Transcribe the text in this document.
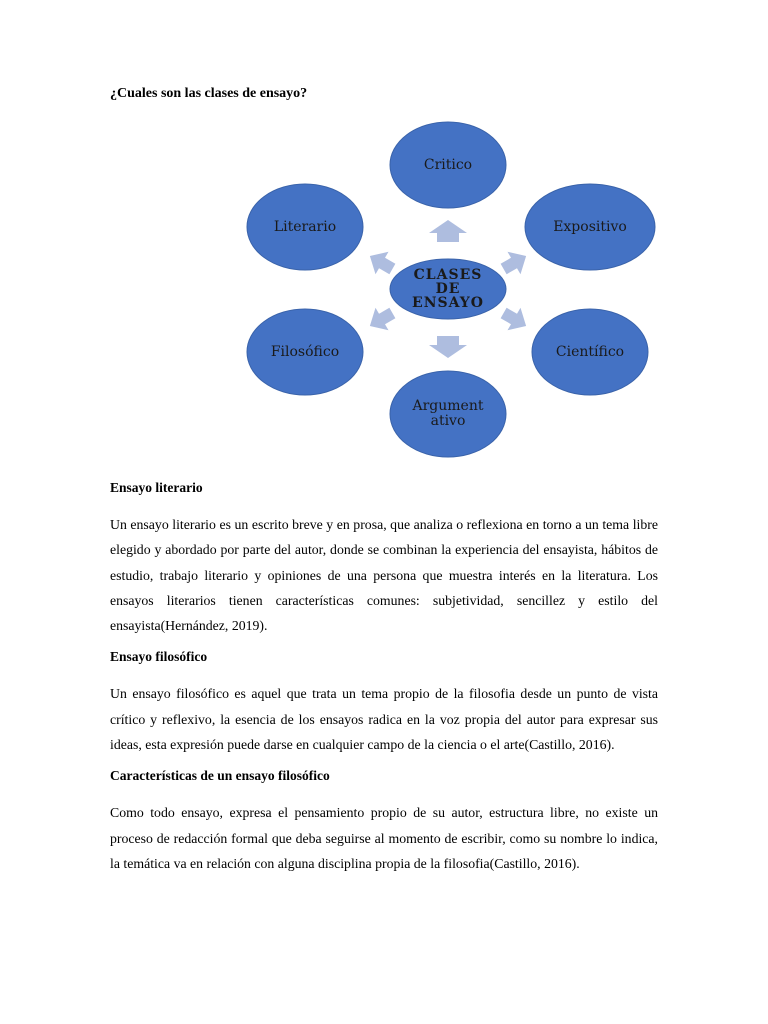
¿Cuales son las clases de ensayo?

Critico
Expositivo
Científico
Argument
ativo
Filosófico
Literario
CLASES
DE
ENSAYO

Ensayo literario

Un ensayo literario es un escrito breve y en prosa, que analiza o reflexiona en torno a un tema libre elegido y abordado por parte del autor, donde se combinan la experiencia del ensayista, hábitos de estudio, trabajo literario y opiniones de una persona que muestra interés en la literatura. Los ensayos literarios tienen características comunes: subjetividad, sencillez y estilo del ensayista(Hernández, 2019).

Ensayo filosófico

Un ensayo filosófico es aquel que trata un tema propio de la filosofia desde un punto de vista crítico y reflexivo, la esencia de los ensayos radica en la voz propia del autor para expresar sus ideas, esta expresión puede darse en cualquier campo de la ciencia o el arte(Castillo, 2016).

Características de un ensayo filosófico

Como todo ensayo, expresa el pensamiento propio de su autor, estructura libre, no existe un proceso de redacción formal que deba seguirse al momento de escribir, como su nombre lo indica, la temática va en relación con alguna disciplina propia de la filosofia(Castillo, 2016).
